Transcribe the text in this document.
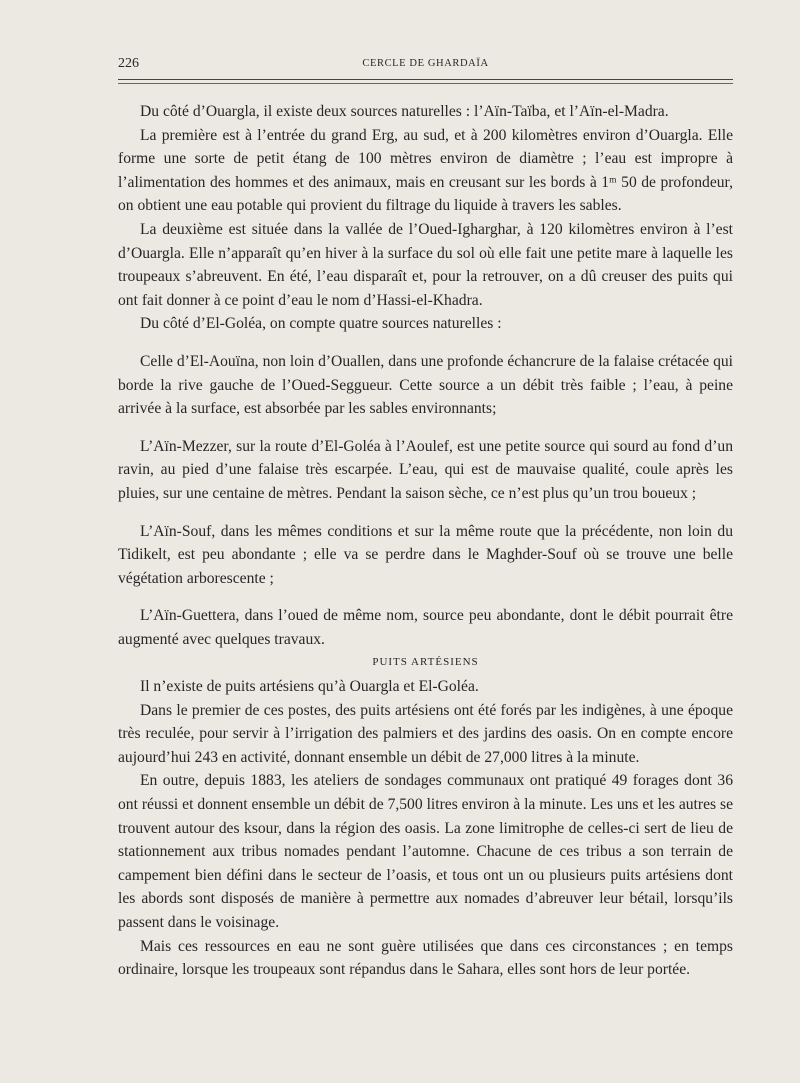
226	CERCLE DE GHARDAÏA

Du côté d’Ouargla, il existe deux sources naturelles : l’Aïn-Taïba, et l’Aïn-el-Madra.

La première est à l’entrée du grand Erg, au sud, et à 200 kilomètres environ d’Ouargla. Elle forme une sorte de petit étang de 100 mètres environ de diamètre ; l’eau est impropre à l’alimentation des hommes et des animaux, mais en creusant sur les bords à 1ᵐ 50 de profondeur, on obtient une eau potable qui provient du filtrage du liquide à travers les sables.

La deuxième est située dans la vallée de l’Oued-Igharghar, à 120 kilomètres environ à l’est d’Ouargla. Elle n’apparaît qu’en hiver à la surface du sol où elle fait une petite mare à laquelle les troupeaux s’abreuvent. En été, l’eau disparaît et, pour la retrouver, on a dû creuser des puits qui ont fait donner à ce point d’eau le nom d’Hassi-el-Khadra.

Du côté d’El-Goléa, on compte quatre sources naturelles :

Celle d’El-Aouïna, non loin d’Ouallen, dans une profonde échancrure de la falaise crétacée qui borde la rive gauche de l’Oued-Seggueur. Cette source a un débit très faible ; l’eau, à peine arrivée à la surface, est absorbée par les sables environnants;

L’Aïn-Mezzer, sur la route d’El-Goléa à l’Aoulef, est une petite source qui sourd au fond d’un ravin, au pied d’une falaise très escarpée. L’eau, qui est de mauvaise qualité, coule après les pluies, sur une centaine de mètres. Pendant la saison sèche, ce n’est plus qu’un trou boueux ;

L’Aïn-Souf, dans les mêmes conditions et sur la même route que la précédente, non loin du Tidikelt, est peu abondante ; elle va se perdre dans le Maghder-Souf où se trouve une belle végétation arborescente ;

L’Aïn-Guettera, dans l’oued de même nom, source peu abondante, dont le débit pourrait être augmenté avec quelques travaux.

PUITS ARTÉSIENS

Il n’existe de puits artésiens qu’à Ouargla et El-Goléa.

Dans le premier de ces postes, des puits artésiens ont été forés par les indigènes, à une époque très reculée, pour servir à l’irrigation des palmiers et des jardins des oasis. On en compte encore aujourd’hui 243 en activité, donnant ensemble un débit de 27,000 litres à la minute.

En outre, depuis 1883, les ateliers de sondages communaux ont pratiqué 49 forages dont 36 ont réussi et donnent ensemble un débit de 7,500 litres environ à la minute. Les uns et les autres se trouvent autour des ksour, dans la région des oasis. La zone limitrophe de celles-ci sert de lieu de stationnement aux tribus nomades pendant l’automne. Chacune de ces tribus a son terrain de campement bien défini dans le secteur de l’oasis, et tous ont un ou plusieurs puits artésiens dont les abords sont disposés de manière à permettre aux nomades d’abreuver leur bétail, lorsqu’ils passent dans le voisinage.

Mais ces ressources en eau ne sont guère utilisées que dans ces circonstances ; en temps ordinaire, lorsque les troupeaux sont répandus dans le Sahara, elles sont hors de leur portée.
